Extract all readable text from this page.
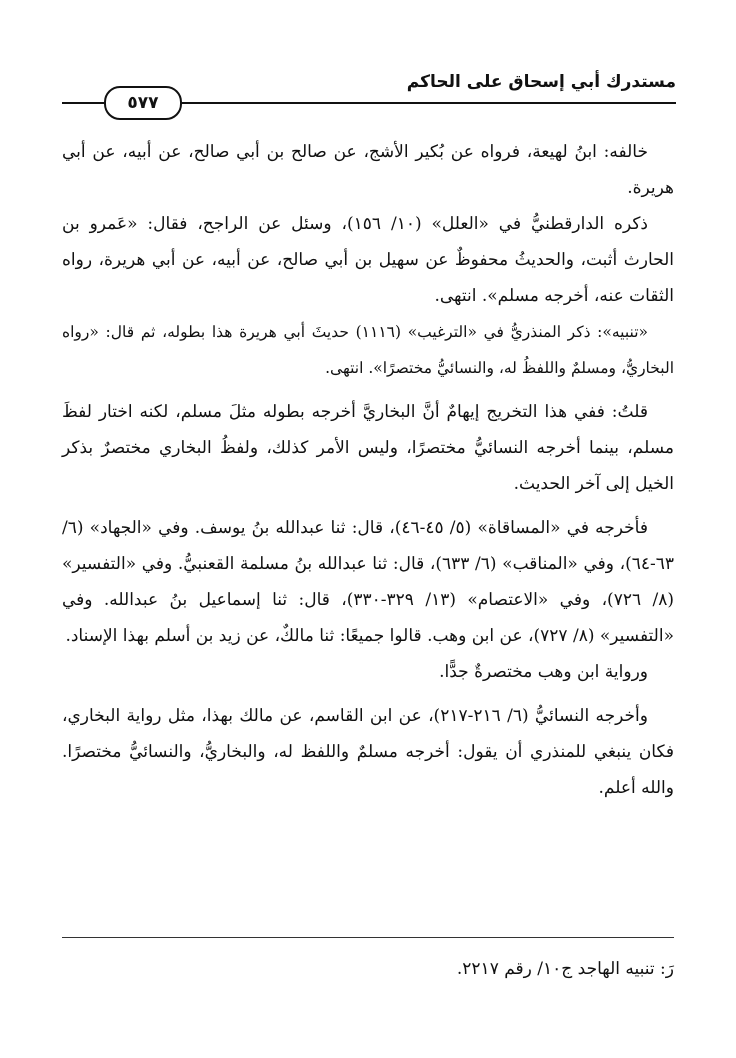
مستدرك أبي إسحاق على الحاكم
٥٧٧

خالفه: ابنُ لهيعة، فرواه عن بُكير الأشج، عن صالح بن أبي صالح، عن أبيه، عن أبي هريرة.

ذكره الدارقطنيُّ في «العلل» (١٠/ ١٥٦)، وسئل عن الراجح، فقال: «عَمرو بن الحارث أثبت، والحديثُ محفوظٌ عن سهيل بن أبي صالح، عن أبيه، عن أبي هريرة، رواه الثقات عنه، أخرجه مسلم». انتهى.

«تنبيه»: ذكر المنذريُّ في «الترغيب» (١١١٦) حديثَ أبي هريرة هذا بطوله، ثم قال: «رواه البخاريُّ، ومسلمٌ واللفظُ له، والنسائيُّ مختصرًا». انتهى.

قلتُ: ففي هذا التخريج إيهامٌ أنَّ البخاريَّ أخرجه بطوله مثلَ مسلم، لكنه اختار لفظَ مسلم، بينما أخرجه النسائيُّ مختصرًا، وليس الأمر كذلك، ولفظُ البخاري مختصرٌ بذكر الخيل إلى آخر الحديث.

فأخرجه في «المساقاة» (٥/ ٤٥-٤٦)، قال: ثنا عبدالله بنُ يوسف. وفي «الجهاد» (٦/ ٦٣-٦٤)، وفي «المناقب» (٦/ ٦٣٣)، قال: ثنا عبدالله بنُ مسلمة القعنبيُّ. وفي «التفسير» (٨/ ٧٢٦)، وفي «الاعتصام» (١٣/ ٣٢٩-٣٣٠)، قال: ثنا إسماعيل بنُ عبدالله. وفي «التفسير» (٨/ ٧٢٧)، عن ابن وهب. قالوا جميعًا: ثنا مالكٌ، عن زيد بن أسلم بهذا الإسناد.

ورواية ابن وهب مختصرةٌ جدًّا.

وأخرجه النسائيُّ (٦/ ٢١٦-٢١٧)، عن ابن القاسم، عن مالك بهذا، مثل رواية البخاري، فكان ينبغي للمنذري أن يقول: أخرجه مسلمٌ واللفظ له، والبخاريُّ، والنسائيُّ مختصرًا. والله أعلم.

رَ: تنبيه الهاجد ج١٠/ رقم ٢٢١٧.
